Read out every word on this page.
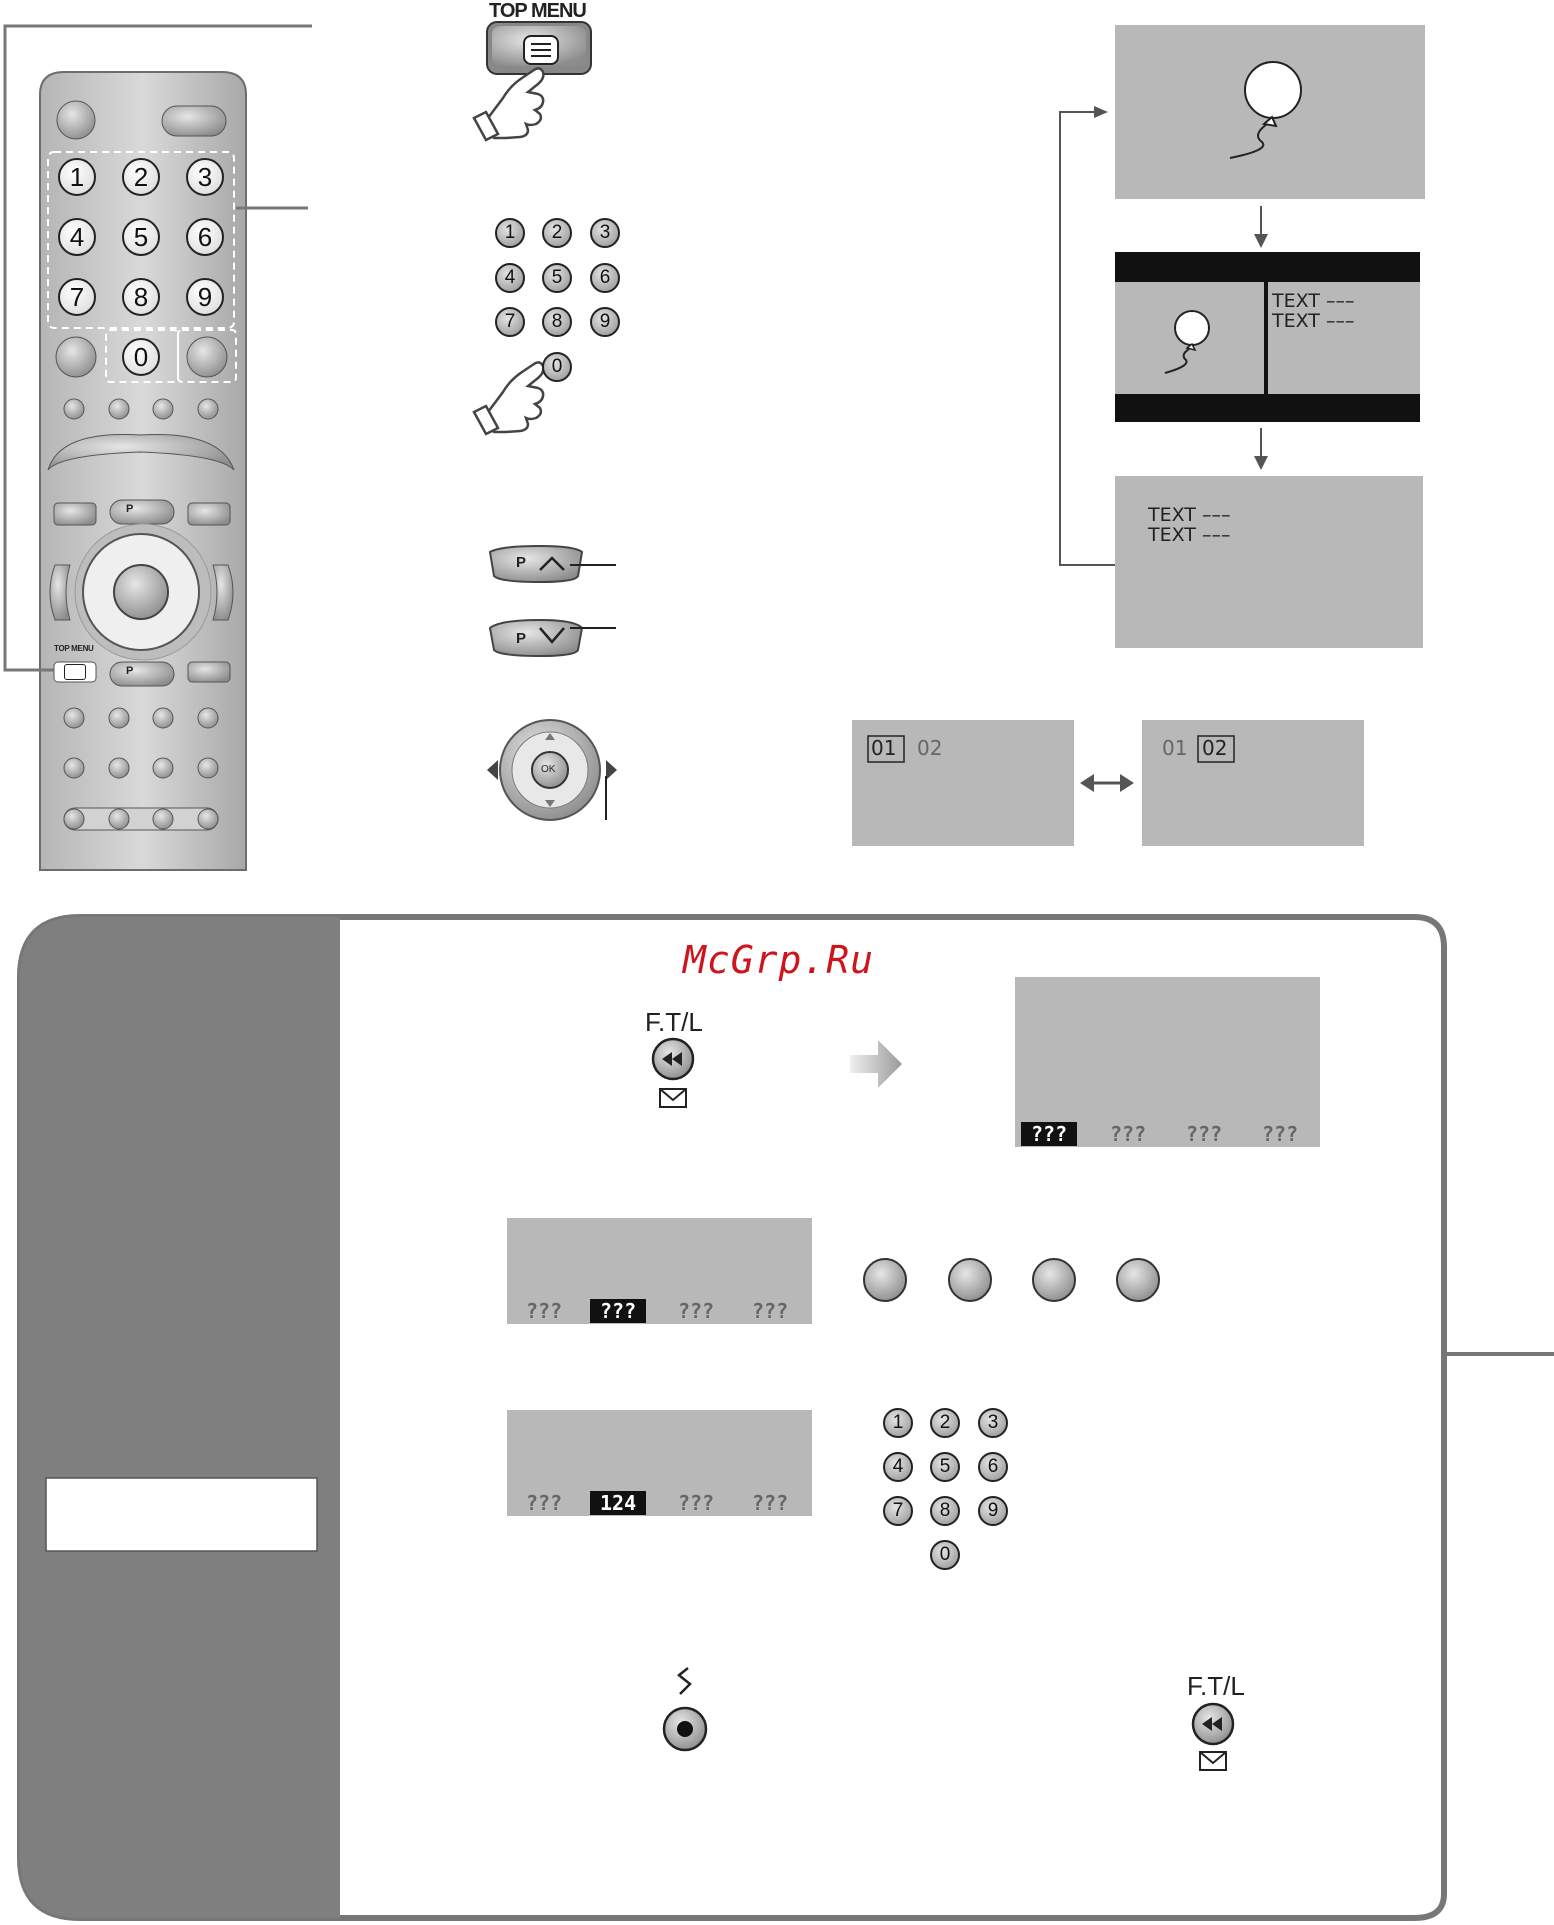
1	2	3
4	5	6
7	8	9
0
TOP MENU
P
P
TOP MENU
1	2	3
4	5	6
7	8	9
0
P
P
OK
TEXT –––
TEXT –––
TEXT –––
TEXT –––
01 02	01 02
McGrp.Ru
F.T/L
F.T/L
???	??? ??? ???
???	???	??? ???
???	124	??? ???
1	2	3
4	5	6
7	8	9
0
